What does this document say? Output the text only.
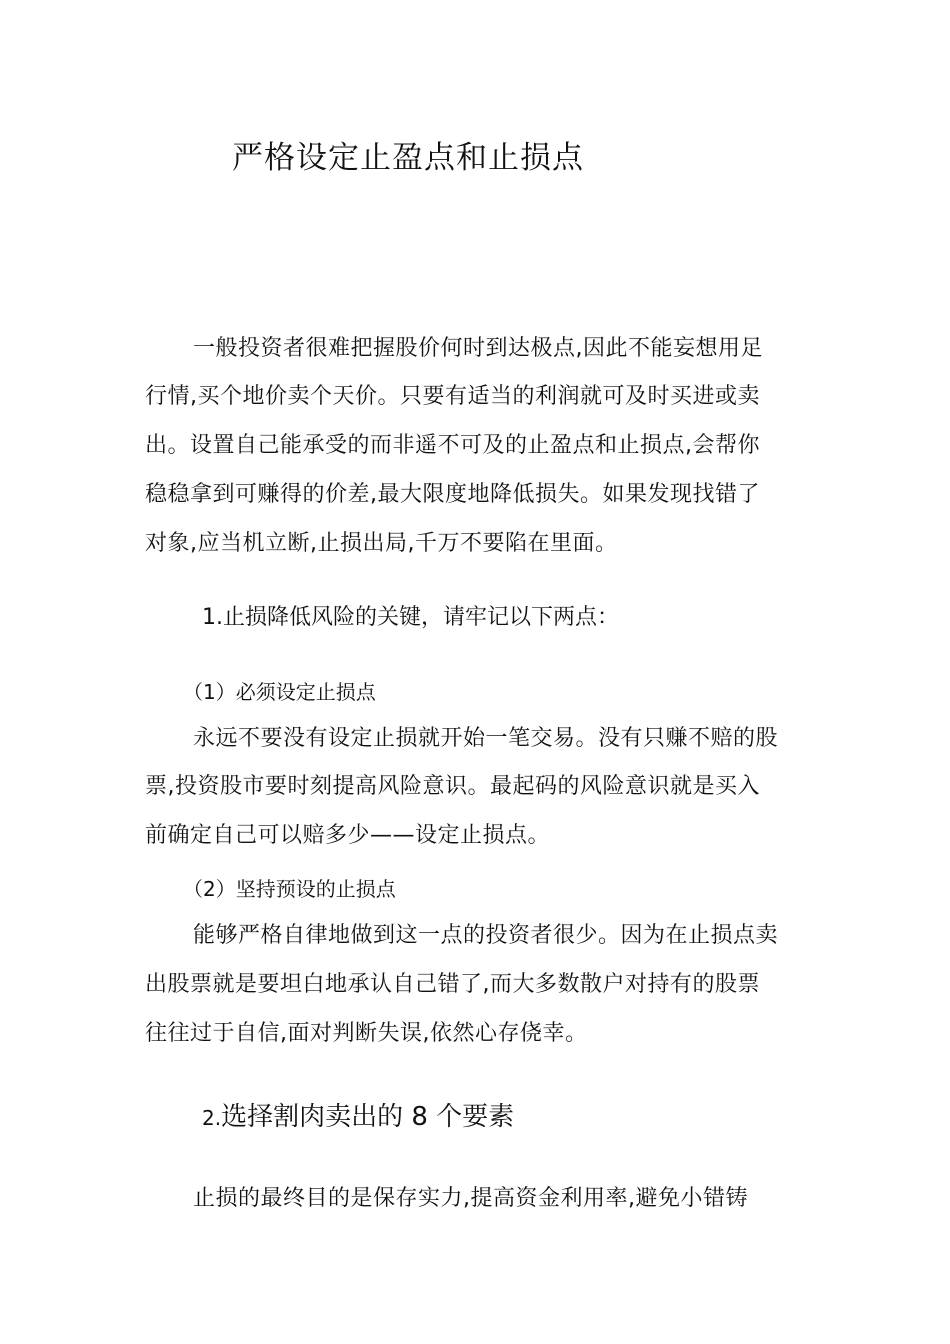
严格设定止盈点和止损点

一般投资者很难把握股价何时到达极点,因此不能妄想用足

行情,买个地价卖个天价。只要有适当的利润就可及时买进或卖

出。设置自己能承受的而非遥不可及的止盈点和止损点,会帮你

稳稳拿到可赚得的价差,最大限度地降低损失。如果发现找错了

对象,应当机立断,止损出局,千万不要陷在里面。

1.止损降低风险的关键，请牢记以下两点：
（1）必须设定止损点

永远不要没有设定止损就开始一笔交易。没有只赚不赔的股

票,投资股市要时刻提高风险意识。最起码的风险意识就是买入

前确定自己可以赔多少——设定止损点。

（2）坚持预设的止损点

能够严格自律地做到这一点的投资者很少。因为在止损点卖

出股票就是要坦白地承认自己错了,而大多数散户对持有的股票

往往过于自信,面对判断失误,依然心存侥幸。

2.选择割肉卖出的 8 个要素

止损的最终目的是保存实力,提高资金利用率,避免小错铸
